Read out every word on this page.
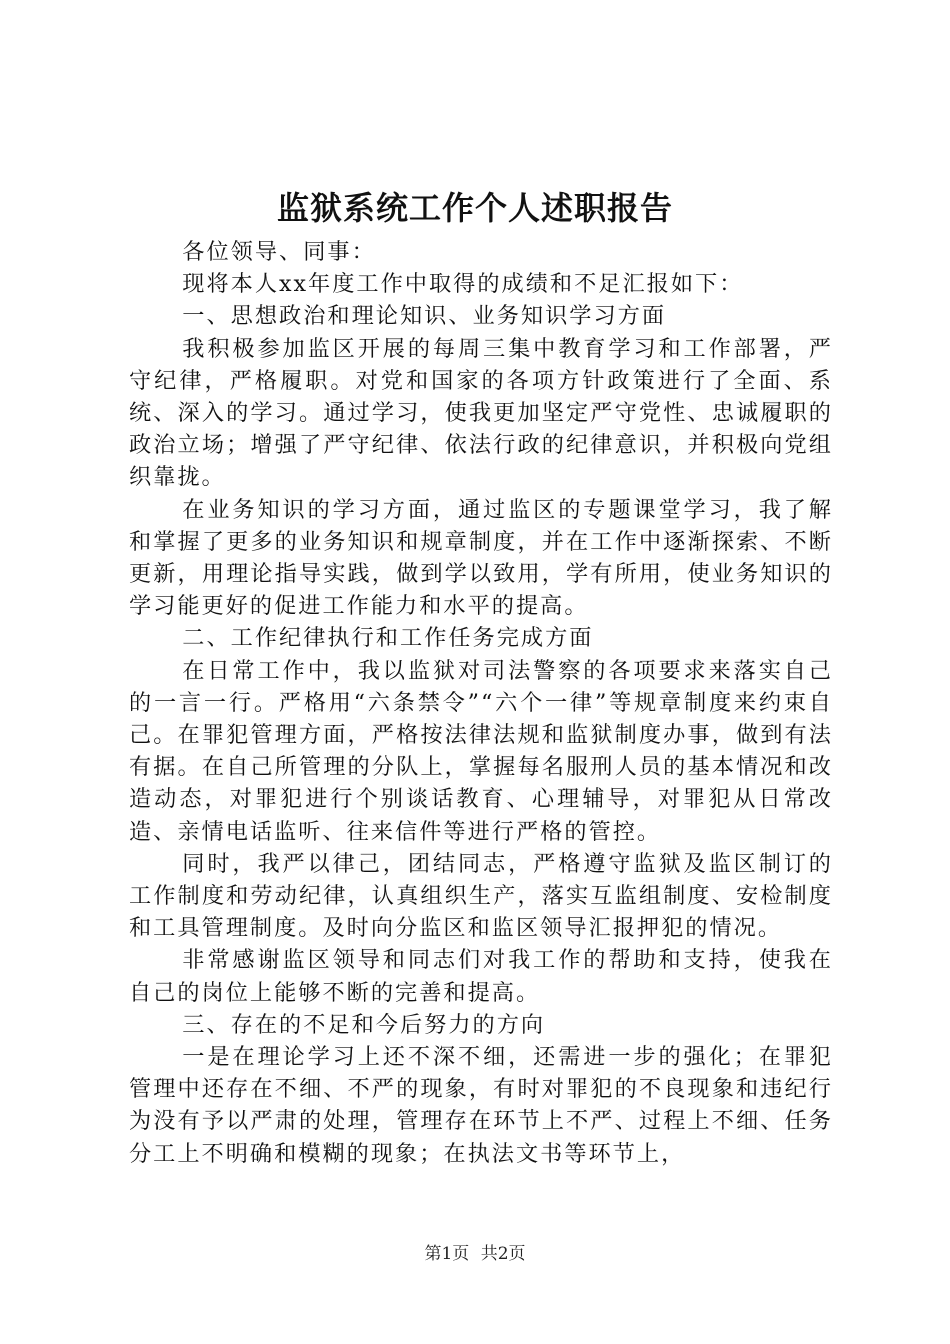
监狱系统工作个人述职报告

各位领导、同事：

现将本人xx年度工作中取得的成绩和不足汇报如下：

一、思想政治和理论知识、业务知识学习方面

我积极参加监区开展的每周三集中教育学习和工作部署，严守纪律，严格履职。对党和国家的各项方针政策进行了全面、系统、深入的学习。通过学习，使我更加坚定严守党性、忠诚履职的政治立场；增强了严守纪律、依法行政的纪律意识，并积极向党组织靠拢。

在业务知识的学习方面，通过监区的专题课堂学习，我了解和掌握了更多的业务知识和规章制度，并在工作中逐渐探索、不断更新，用理论指导实践，做到学以致用，学有所用，使业务知识的学习能更好的促进工作能力和水平的提高。

二、工作纪律执行和工作任务完成方面

在日常工作中，我以监狱对司法警察的各项要求来落实自己的一言一行。严格用“六条禁令”“六个一律”等规章制度来约束自己。在罪犯管理方面，严格按法律法规和监狱制度办事，做到有法有据。在自己所管理的分队上，掌握每名服刑人员的基本情况和改造动态，对罪犯进行个别谈话教育、心理辅导，对罪犯从日常改造、亲情电话监听、往来信件等进行严格的管控。

同时，我严以律己，团结同志，严格遵守监狱及监区制订的工作制度和劳动纪律，认真组织生产，落实互监组制度、安检制度和工具管理制度。及时向分监区和监区领导汇报押犯的情况。

非常感谢监区领导和同志们对我工作的帮助和支持，使我在自己的岗位上能够不断的完善和提高。

三、存在的不足和今后努力的方向

一是在理论学习上还不深不细，还需进一步的强化；在罪犯管理中还存在不细、不严的现象，有时对罪犯的不良现象和违纪行为没有予以严肃的处理，管理存在环节上不严、过程上不细、任务分工上不明确和模糊的现象；在执法文书等环节上，

第1页 共2页
